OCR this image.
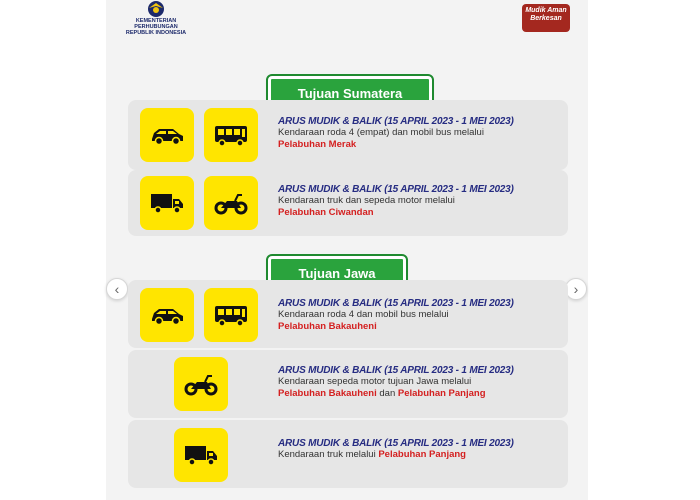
KEMENTERIAN PERHUBUNGAN
REPUBLIK INDONESIA
Mudik Aman
Berkesan
‹	›
Tujuan Sumatera
ARUS MUDIK & BALIK (15 APRIL 2023 - 1 MEI 2023)
Kendaraan roda 4 (empat) dan mobil bus melalui
Pelabuhan Merak
ARUS MUDIK & BALIK (15 APRIL 2023 - 1 MEI 2023)
Kendaraan truk dan sepeda motor melalui
Pelabuhan Ciwandan
Tujuan Jawa
ARUS MUDIK & BALIK (15 APRIL 2023 - 1 MEI 2023)
Kendaraan roda 4 dan mobil bus melalui
Pelabuhan Bakauheni
ARUS MUDIK & BALIK (15 APRIL 2023 - 1 MEI 2023)
Kendaraan sepeda motor tujuan Jawa melalui
Pelabuhan Bakauheni dan Pelabuhan Panjang
ARUS MUDIK & BALIK (15 APRIL 2023 - 1 MEI 2023)
Kendaraan truk melalui Pelabuhan Panjang
